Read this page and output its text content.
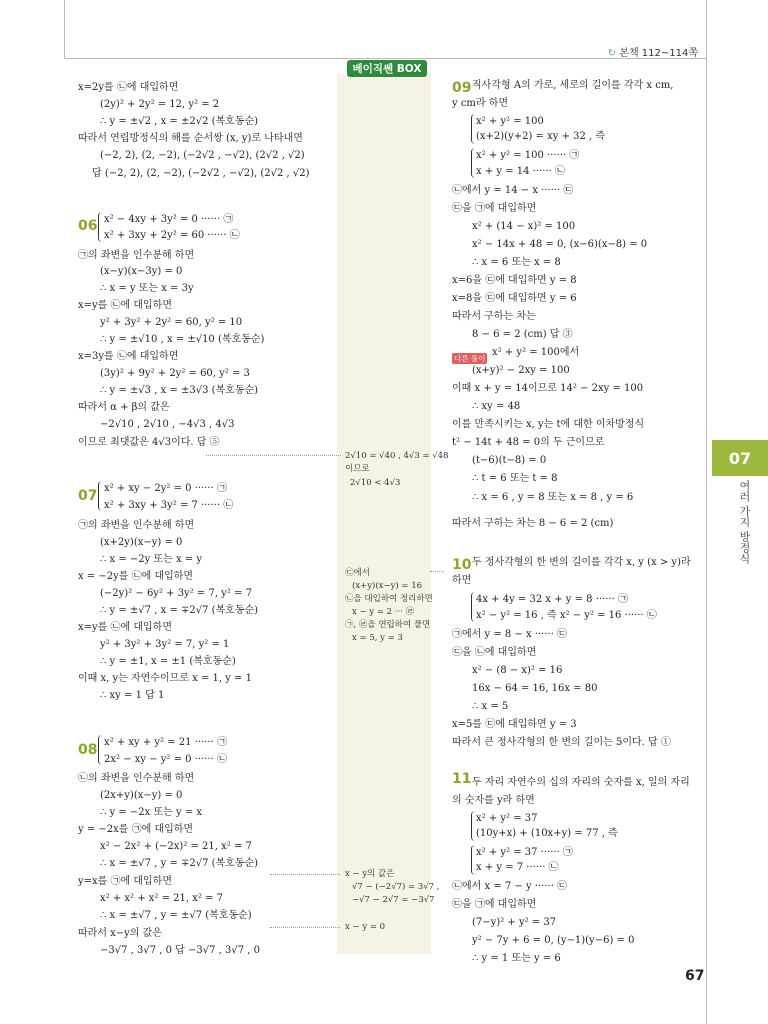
↻ 본책 112~114쪽
베이직쎈 BOX
07
여러 가지 방정식
다른 풀이
x=2y를 ㉡에 대입하면
(2y)² + 2y² = 12, y² = 2
∴ y = ±√2 , x = ±2√2 (복호동순)
따라서 연립방정식의 해를 순서쌍 (x, y)로 나타내면
(−2, 2), (2, −2), (−2√2 , −√2), (2√2 , √2)
답 (−2, 2), (2, −2), (−2√2 , −√2), (2√2 , √2)
x² − 4xy + 3y² = 0 ······ ㉠
x² + 3xy + 2y² = 60 ······ ㉡
㉠의 좌변을 인수분해 하면
(x−y)(x−3y) = 0
∴ x = y 또는 x = 3y
x=y를 ㉡에 대입하면
y² + 3y² + 2y² = 60, y² = 10
∴ y = ±√10 , x = ±√10 (복호동순)
x=3y를 ㉡에 대입하면
(3y)² + 9y² + 2y² = 60, y² = 3
∴ y = ±√3 , x = ±3√3 (복호동순)
따라서 α + β의 값은
−2√10 , 2√10 , −4√3 , 4√3
이므로 최댓값은 4√3이다. 답 ⑤
x² + xy − 2y² = 0 ······ ㉠
x² + 3xy + 3y² = 7 ······ ㉡
㉠의 좌변을 인수분해 하면
(x+2y)(x−y) = 0
∴ x = −2y 또는 x = y
x = −2y를 ㉡에 대입하면
(−2y)² − 6y² + 3y² = 7, y² = 7
∴ y = ±√7 , x = ∓2√7 (복호동순)
x=y를 ㉡에 대입하면
y² + 3y² + 3y² = 7, y² = 1
∴ y = ±1, x = ±1 (복호동순)
이때 x, y는 자연수이므로 x = 1, y = 1
∴ xy = 1 답 1
x² + xy + y² = 21 ······ ㉠
2x² − xy − y² = 0 ······ ㉡
㉡의 좌변을 인수분해 하면
(2x+y)(x−y) = 0
∴ y = −2x 또는 y = x
y = −2x를 ㉠에 대입하면
x² − 2x² + (−2x)² = 21, x² = 7
∴ x = ±√7 , y = ∓2√7 (복호동순)
y=x를 ㉠에 대입하면
x² + x² + x² = 21, x² = 7
∴ x = ±√7 , y = ±√7 (복호동순)
따라서 x−y의 값은
−3√7 , 3√7 , 0 답 −3√7 , 3√7 , 0
06
07
08
09
10
11
2√10 = √40 , 4√3 = √48
이므로
2√10 < 4√3
㉢에서
(x+y)(x−y) = 16
㉡을 대입하여 정리하면
x − y = 2 ··· ㉣
㉠, ㉣을 연립하여 풀면
x = 5, y = 3
x − y의 값은
√7 − (−2√7) = 3√7 ,
−√7 − 2√7 = −3√7
x − y = 0
직사각형 A의 가로, 세로의 길이를 각각 x cm,
y cm라 하면
x² + y² = 100
(x+2)(y+2) = xy + 32 , 즉
x² + y² = 100 ······ ㉠
x + y = 14 ······ ㉡
㉡에서 y = 14 − x ······ ㉢
㉢을 ㉠에 대입하면
x² + (14 − x)² = 100
x² − 14x + 48 = 0, (x−6)(x−8) = 0
∴ x = 6 또는 x = 8
x=6을 ㉢에 대입하면 y = 8
x=8을 ㉢에 대입하면 y = 6
따라서 구하는 차는
8 − 6 = 2 (cm) 답 ③
x² + y² = 100에서
(x+y)² − 2xy = 100
이때 x + y = 14이므로 14² − 2xy = 100
∴ xy = 48
이를 만족시키는 x, y는 t에 대한 이차방정식
t² − 14t + 48 = 0의 두 근이므로
(t−6)(t−8) = 0
∴ t = 6 또는 t = 8
∴ x = 6 , y = 8 또는 x = 8 , y = 6
따라서 구하는 차는 8 − 6 = 2 (cm)
두 정사각형의 한 변의 길이를 각각 x, y (x > y)라
하면
4x + 4y = 32 x + y = 8 ······ ㉠
x² − y² = 16 , 즉 x² − y² = 16 ······ ㉡
㉠에서 y = 8 − x ······ ㉢
㉢을 ㉡에 대입하면
x² − (8 − x)² = 16
16x − 64 = 16, 16x = 80
∴ x = 5
x=5를 ㉢에 대입하면 y = 3
따라서 큰 정사각형의 한 변의 길이는 5이다. 답 ①
두 자리 자연수의 십의 자리의 숫자를 x, 일의 자리
의 숫자를 y라 하면
x² + y² = 37
(10y+x) + (10x+y) = 77 , 즉
x² + y² = 37 ······ ㉠
x + y = 7 ······ ㉡
㉡에서 x = 7 − y ······ ㉢
㉢을 ㉠에 대입하면
(7−y)² + y² = 37
y² − 7y + 6 = 0, (y−1)(y−6) = 0
∴ y = 1 또는 y = 6
67
